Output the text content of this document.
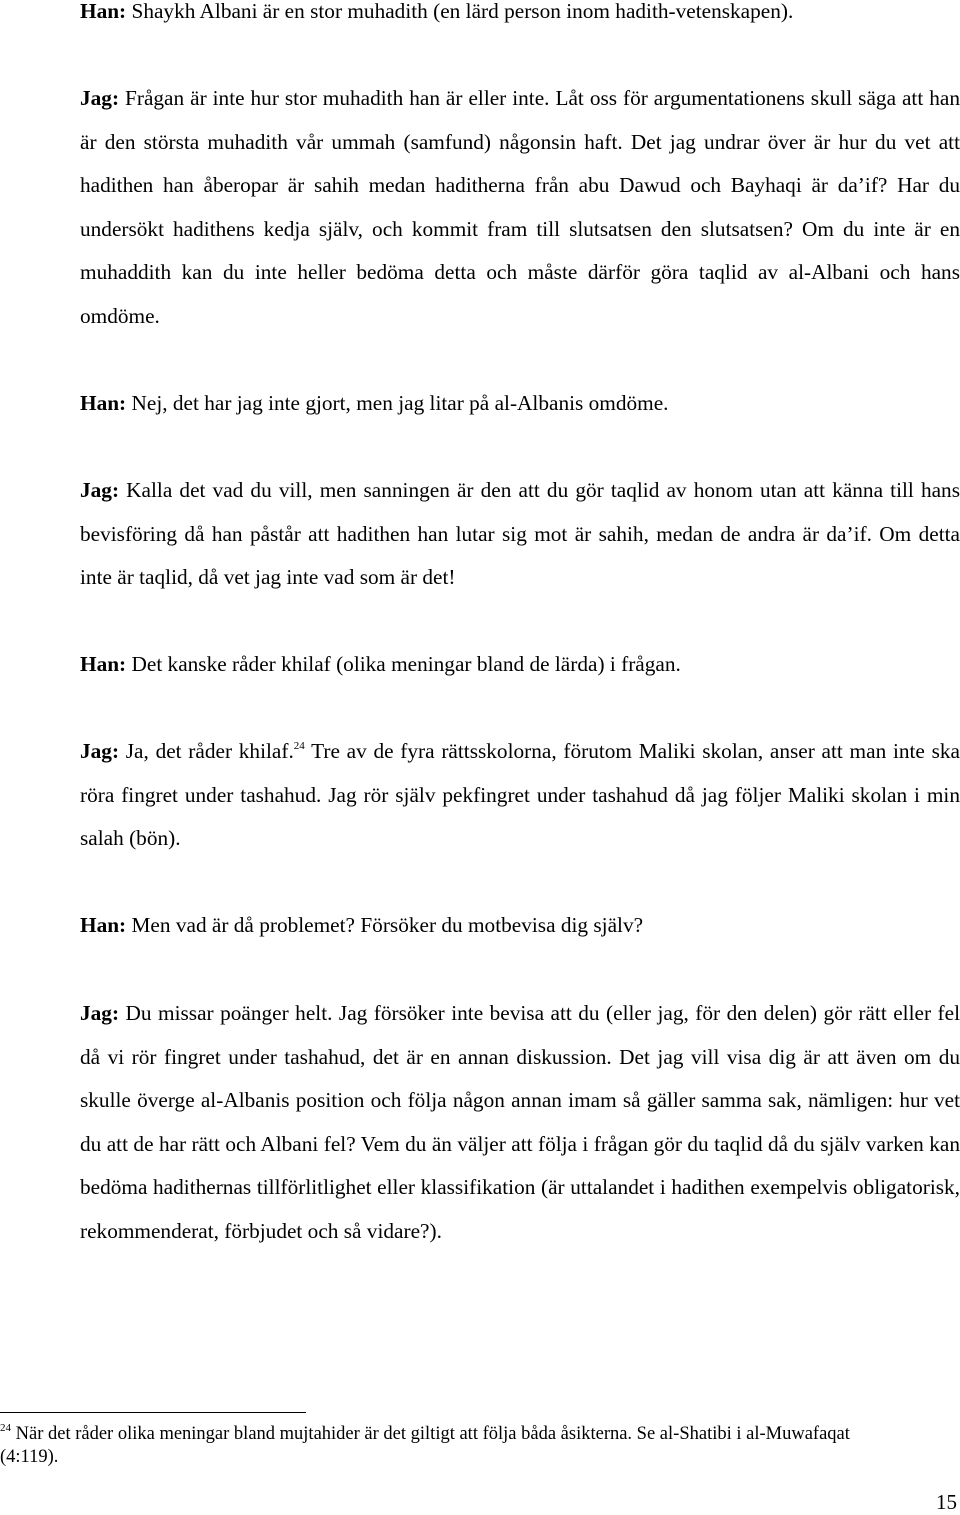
Han: Shaykh Albani är en stor muhadith (en lärd person inom hadith-vetenskapen).

Jag: Frågan är inte hur stor muhadith han är eller inte. Låt oss för argumentationens skull säga att han är den största muhadith vår ummah (samfund) någonsin haft. Det jag undrar över är hur du vet att hadithen han åberopar är sahih medan haditherna från abu Dawud och Bayhaqi är da’if? Har du undersökt hadithens kedja själv, och kommit fram till slutsatsen den slutsatsen? Om du inte är en muhaddith kan du inte heller bedöma detta och måste därför göra taqlid av al-Albani och hans omdöme.

Han: Nej, det har jag inte gjort, men jag litar på al-Albanis omdöme.

Jag: Kalla det vad du vill, men sanningen är den att du gör taqlid av honom utan att känna till hans bevisföring då han påstår att hadithen han lutar sig mot är sahih, medan de andra är da’if. Om detta inte är taqlid, då vet jag inte vad som är det!

Han: Det kanske råder khilaf (olika meningar bland de lärda) i frågan.

Jag: Ja, det råder khilaf.$^{24}$ Tre av de fyra rättsskolorna, förutom Maliki skolan, anser att man inte ska röra fingret under tashahud. Jag rör själv pekfingret under tashahud då jag följer Maliki skolan i min salah (bön).

Han: Men vad är då problemet? Försöker du motbevisa dig själv?

Jag: Du missar poänger helt. Jag försöker inte bevisa att du (eller jag, för den delen) gör rätt eller fel då vi rör fingret under tashahud, det är en annan diskussion. Det jag vill visa dig är att även om du skulle överge al-Albanis position och följa någon annan imam så gäller samma sak, nämligen: hur vet du att de har rätt och Albani fel? Vem du än väljer att följa i frågan gör du taqlid då du själv varken kan bedöma hadithernas tillförlitlighet eller klassifikation (är uttalandet i hadithen exempelvis obligatorisk, rekommenderat, förbjudet och så vidare?).

$^{24}$ När det råder olika meningar bland mujtahider är det giltigt att följa båda åsikterna. Se al-Shatibi i al-Muwafaqat (4:119).

15
